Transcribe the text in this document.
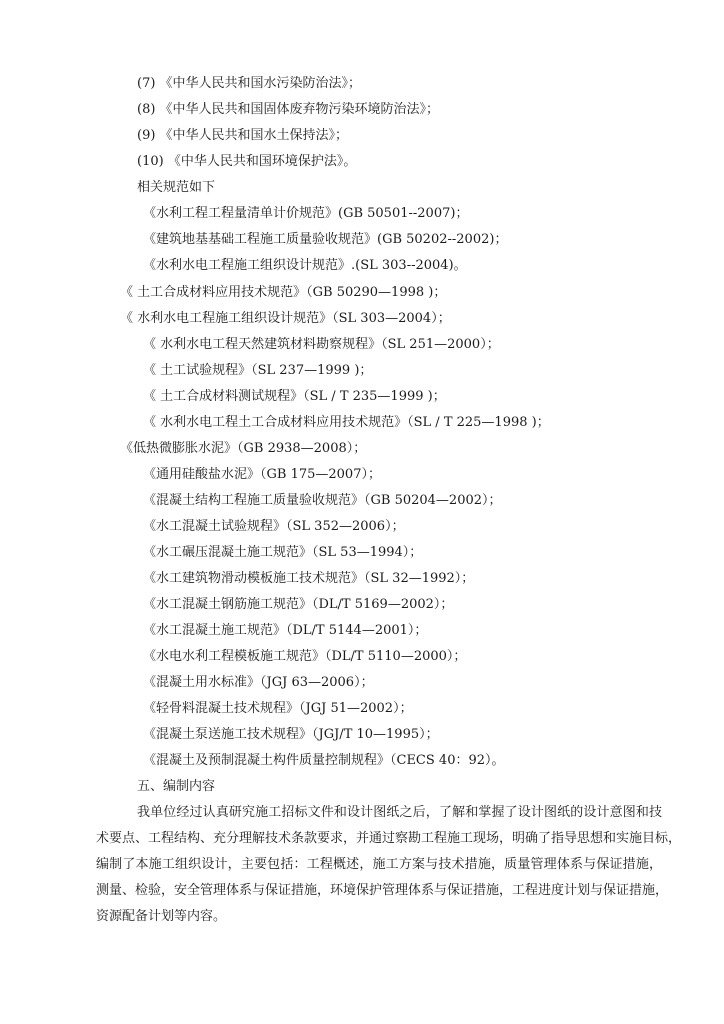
(7) 《中华人民共和国水污染防治法》；
(8) 《中华人民共和国固体废弃物污染环境防治法》；
(9) 《中华人民共和国水土保持法》；
(10) 《中华人民共和国环境保护法》。
相关规范如下
《水利工程工程量清单计价规范》(GB 50501--2007)；
《建筑地基基础工程施工质量验收规范》(GB 50202--2002)；
《水利水电工程施工组织设计规范》.(SL 303--2004)。
《 土工合成材料应用技术规范》（GB 50290—1998 )；
《 水利水电工程施工组织设计规范》（SL 303—2004）；
《 水利水电工程天然建筑材料勘察规程》（SL 251—2000）；
《 土工试验规程》（SL 237—1999 )；
《 土工合成材料测试规程》（SL / T 235—1999 )；
《 水利水电工程土工合成材料应用技术规范》（SL / T 225—1998 )；
《低热微膨胀水泥》（GB 2938—2008）；
《通用硅酸盐水泥》（GB 175—2007）；
《混凝土结构工程施工质量验收规范》（GB 50204—2002）；
《水工混凝土试验规程》（SL 352—2006）；
《水工碾压混凝土施工规范》（SL 53—1994）；
《水工建筑物滑动模板施工技术规范》（SL 32—1992）；
《水工混凝土钢筋施工规范》（DL/T 5169—2002）；
《水工混凝土施工规范》（DL/T 5144—2001）；
《水电水利工程模板施工规范》（DL/T 5110—2000）；
《混凝土用水标准》（JGJ 63—2006）；
《轻骨料混凝土技术规程》（JGJ 51—2002）；
《混凝土泵送施工技术规程》（JGJ/T 10—1995）；
《混凝土及预制混凝土构件质量控制规程》（CECS 40：92）。
五、编制内容
我单位经过认真研究施工招标文件和设计图纸之后，了解和掌握了设计图纸的设计意图和技
术要点、工程结构、充分理解技术条款要求，并通过察勘工程施工现场，明确了指导思想和实施目标，
编制了本施工组织设计，主要包括：工程概述，施工方案与技术措施，质量管理体系与保证措施，
测量、检验，安全管理体系与保证措施，环境保护管理体系与保证措施，工程进度计划与保证措施，
资源配备计划等内容。
